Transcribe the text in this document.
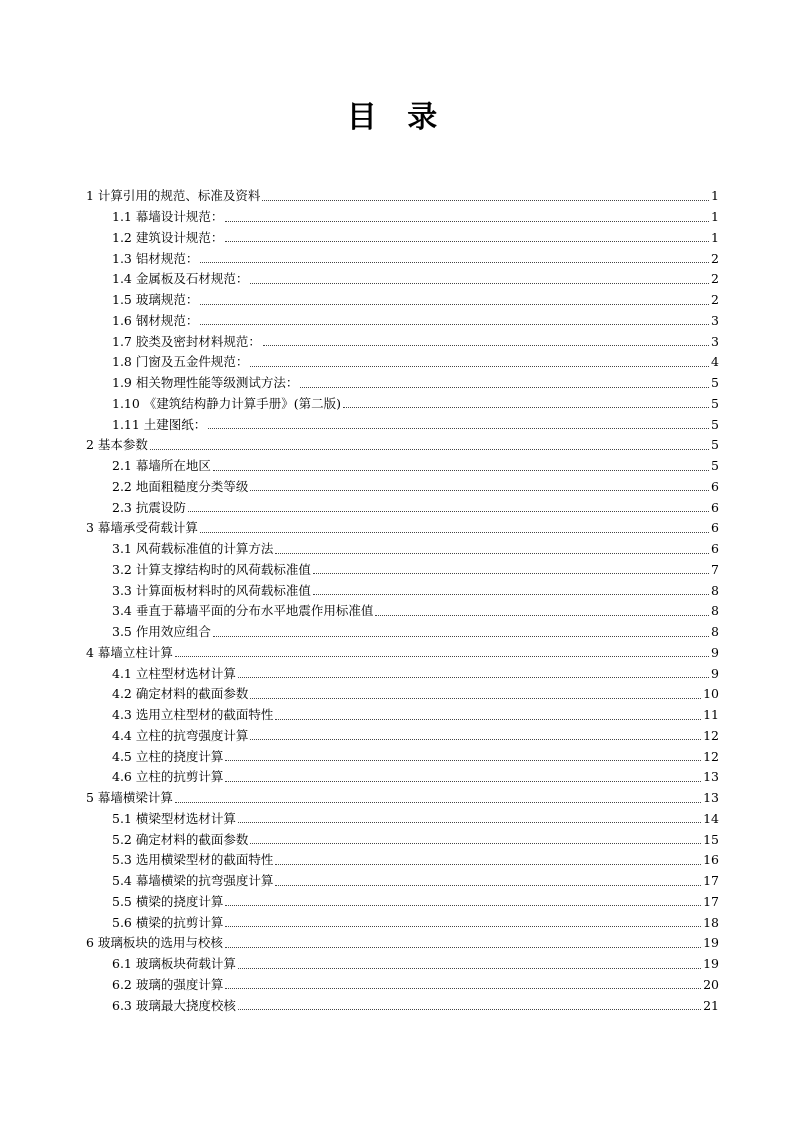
目 录
1 计算引用的规范、标准及资料	1
1.1 幕墙设计规范：	1
1.2 建筑设计规范：	1
1.3 铝材规范：	2
1.4 金属板及石材规范：	2
1.5 玻璃规范：	2
1.6 钢材规范：	3
1.7 胶类及密封材料规范：	3
1.8 门窗及五金件规范：	4
1.9 相关物理性能等级测试方法：	5
1.10 《建筑结构静力计算手册》(第二版)	5
1.11 土建图纸：	5
2 基本参数	5
2.1 幕墙所在地区	5
2.2 地面粗糙度分类等级	6
2.3 抗震设防	6
3 幕墙承受荷载计算	6
3.1 风荷载标准值的计算方法	6
3.2 计算支撑结构时的风荷载标准值	7
3.3 计算面板材料时的风荷载标准值	8
3.4 垂直于幕墙平面的分布水平地震作用标准值	8
3.5 作用效应组合	8
4 幕墙立柱计算	9
4.1 立柱型材选材计算	9
4.2 确定材料的截面参数	10
4.3 选用立柱型材的截面特性	11
4.4 立柱的抗弯强度计算	12
4.5 立柱的挠度计算	12
4.6 立柱的抗剪计算	13
5 幕墙横梁计算	13
5.1 横梁型材选材计算	14
5.2 确定材料的截面参数	15
5.3 选用横梁型材的截面特性	16
5.4 幕墙横梁的抗弯强度计算	17
5.5 横梁的挠度计算	17
5.6 横梁的抗剪计算	18
6 玻璃板块的选用与校核	19
6.1 玻璃板块荷载计算	19
6.2 玻璃的强度计算	20
6.3 玻璃最大挠度校核	21
